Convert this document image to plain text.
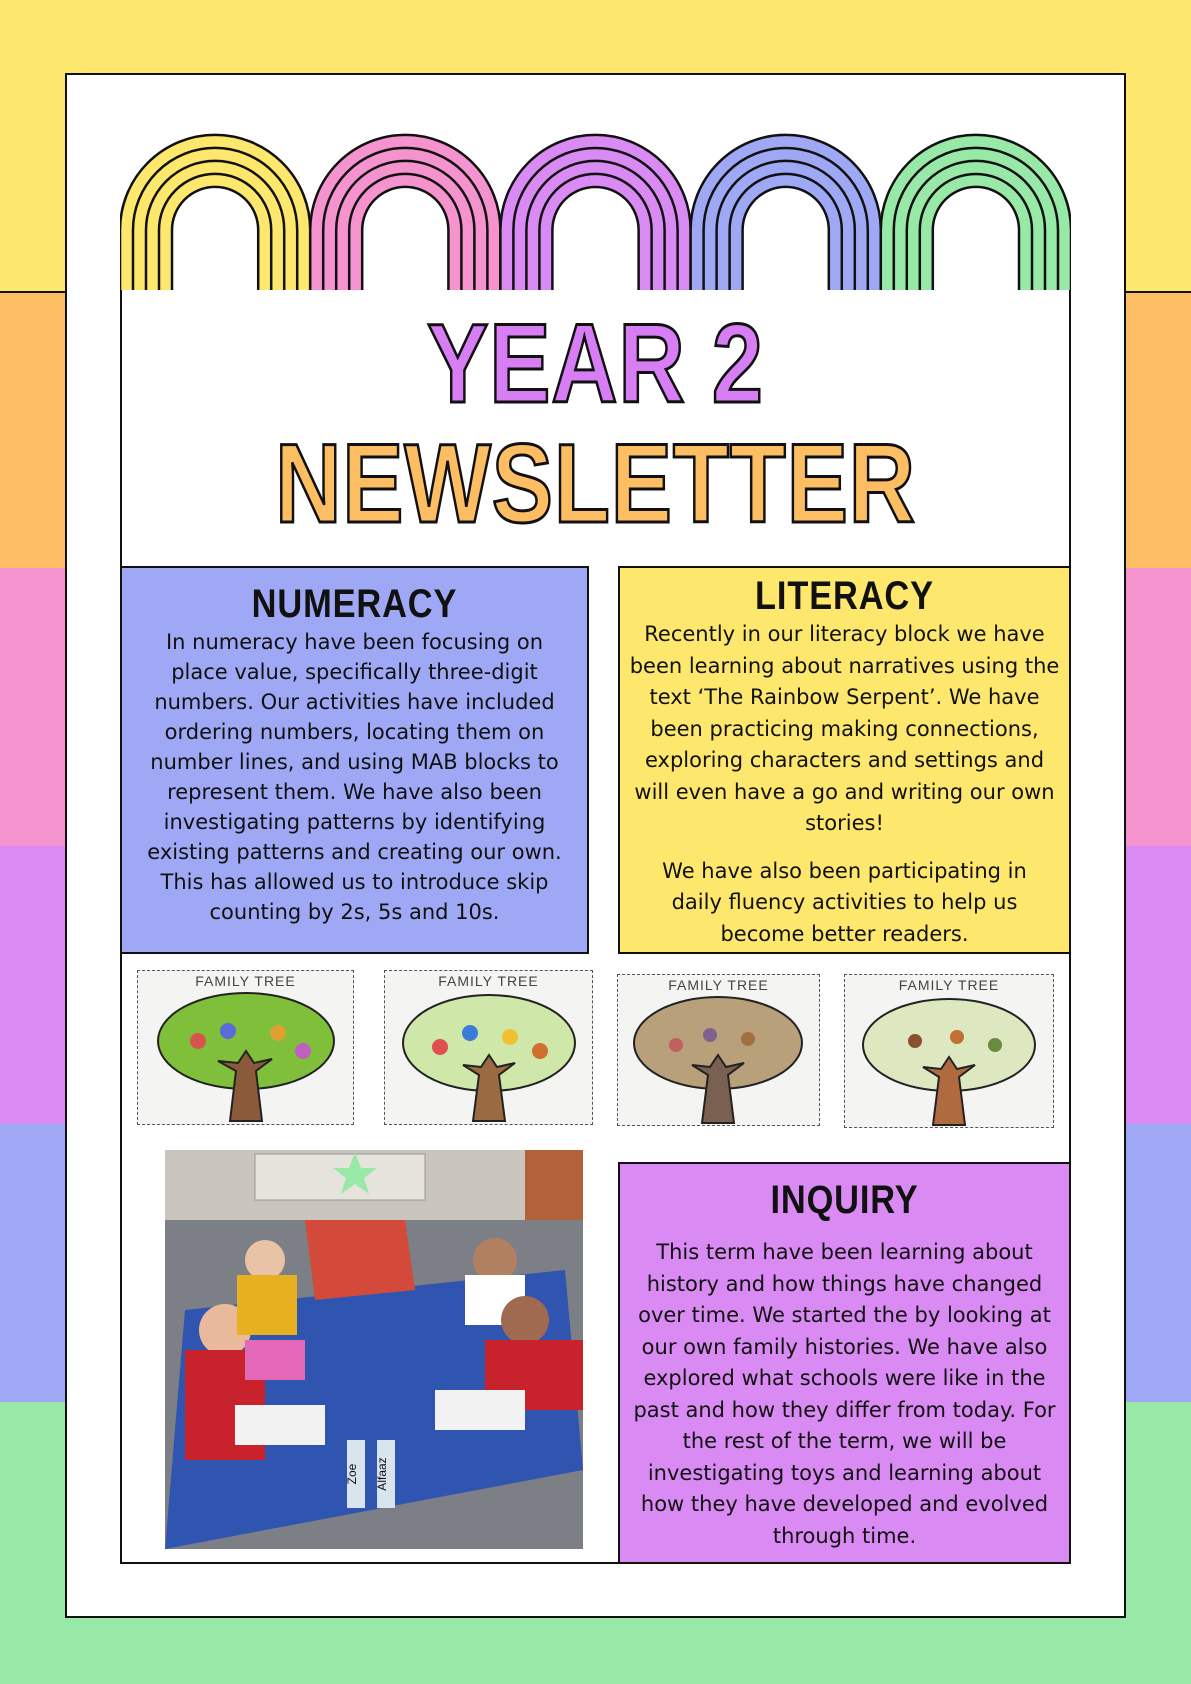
YEAR 2
NEWSLETTER
NUMERACY

In numeracy have been focusing on place value, specifically three-digit numbers. Our activities have included ordering numbers, locating them on number lines, and using MAB blocks to represent them. We have also been investigating patterns by identifying existing patterns and creating our own. This has allowed us to introduce skip counting by 2s, 5s and 10s.

LITERACY

Recently in our literacy block we have been learning about narratives using the text ‘The Rainbow Serpent’. We have been practicing making connections, exploring characters and settings and will even have a go and writing our own stories!

We have also been participating in daily fluency activities to help us become better readers.

FAMILY TREE	FAMILY TREE	FAMILY TREE	FAMILY TREE
Zoe Alfaaz
INQUIRY

This term have been learning about history and how things have changed over time. We started the by looking at our own family histories. We have also explored what schools were like in the past and how they differ from today. For the rest of the term, we will be investigating toys and learning about how they have developed and evolved through time.
